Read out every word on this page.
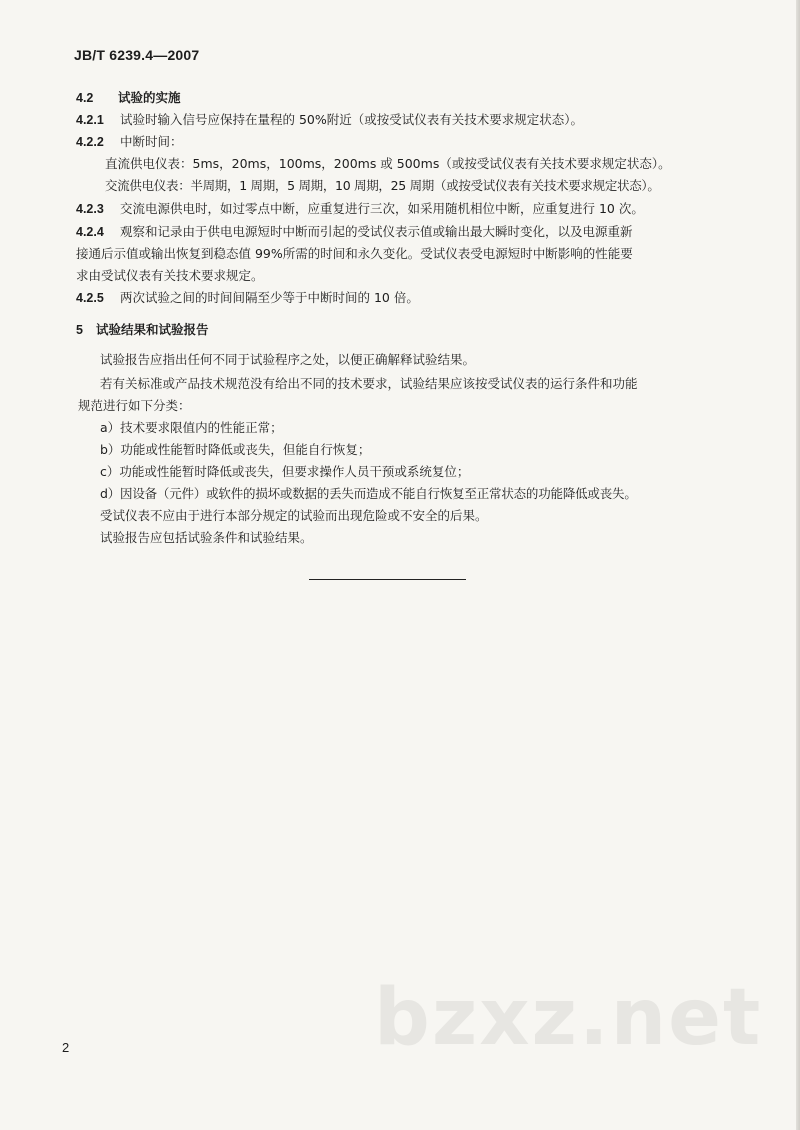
JB/T 6239.4—2007
4.2 试验的实施
4.2.1 试验时输入信号应保持在量程的 50%附近（或按受试仪表有关技术要求规定状态）。
4.2.2 中断时间：
直流供电仪表：5ms，20ms，100ms，200ms 或 500ms（或按受试仪表有关技术要求规定状态）。
交流供电仪表：半周期，1 周期，5 周期，10 周期，25 周期（或按受试仪表有关技术要求规定状态）。
4.2.3 交流电源供电时，如过零点中断，应重复进行三次，如采用随机相位中断，应重复进行 10 次。
4.2.4 观察和记录由于供电电源短时中断而引起的受试仪表示值或输出最大瞬时变化，以及电源重新
接通后示值或输出恢复到稳态值 99%所需的时间和永久变化。受试仪表受电源短时中断影响的性能要
求由受试仪表有关技术要求规定。
4.2.5 两次试验之间的时间间隔至少等于中断时间的 10 倍。
5 试验结果和试验报告
试验报告应指出任何不同于试验程序之处，以便正确解释试验结果。
若有关标准或产品技术规范没有给出不同的技术要求，试验结果应该按受试仪表的运行条件和功能
规范进行如下分类：
a）技术要求限值内的性能正常；
b）功能或性能暂时降低或丧失，但能自行恢复；
c）功能或性能暂时降低或丧失，但要求操作人员干预或系统复位；
d）因设备（元件）或软件的损坏或数据的丢失而造成不能自行恢复至正常状态的功能降低或丧失。
受试仪表不应由于进行本部分规定的试验而出现危险或不安全的后果。
试验报告应包括试验条件和试验结果。
bzxz.net
2
